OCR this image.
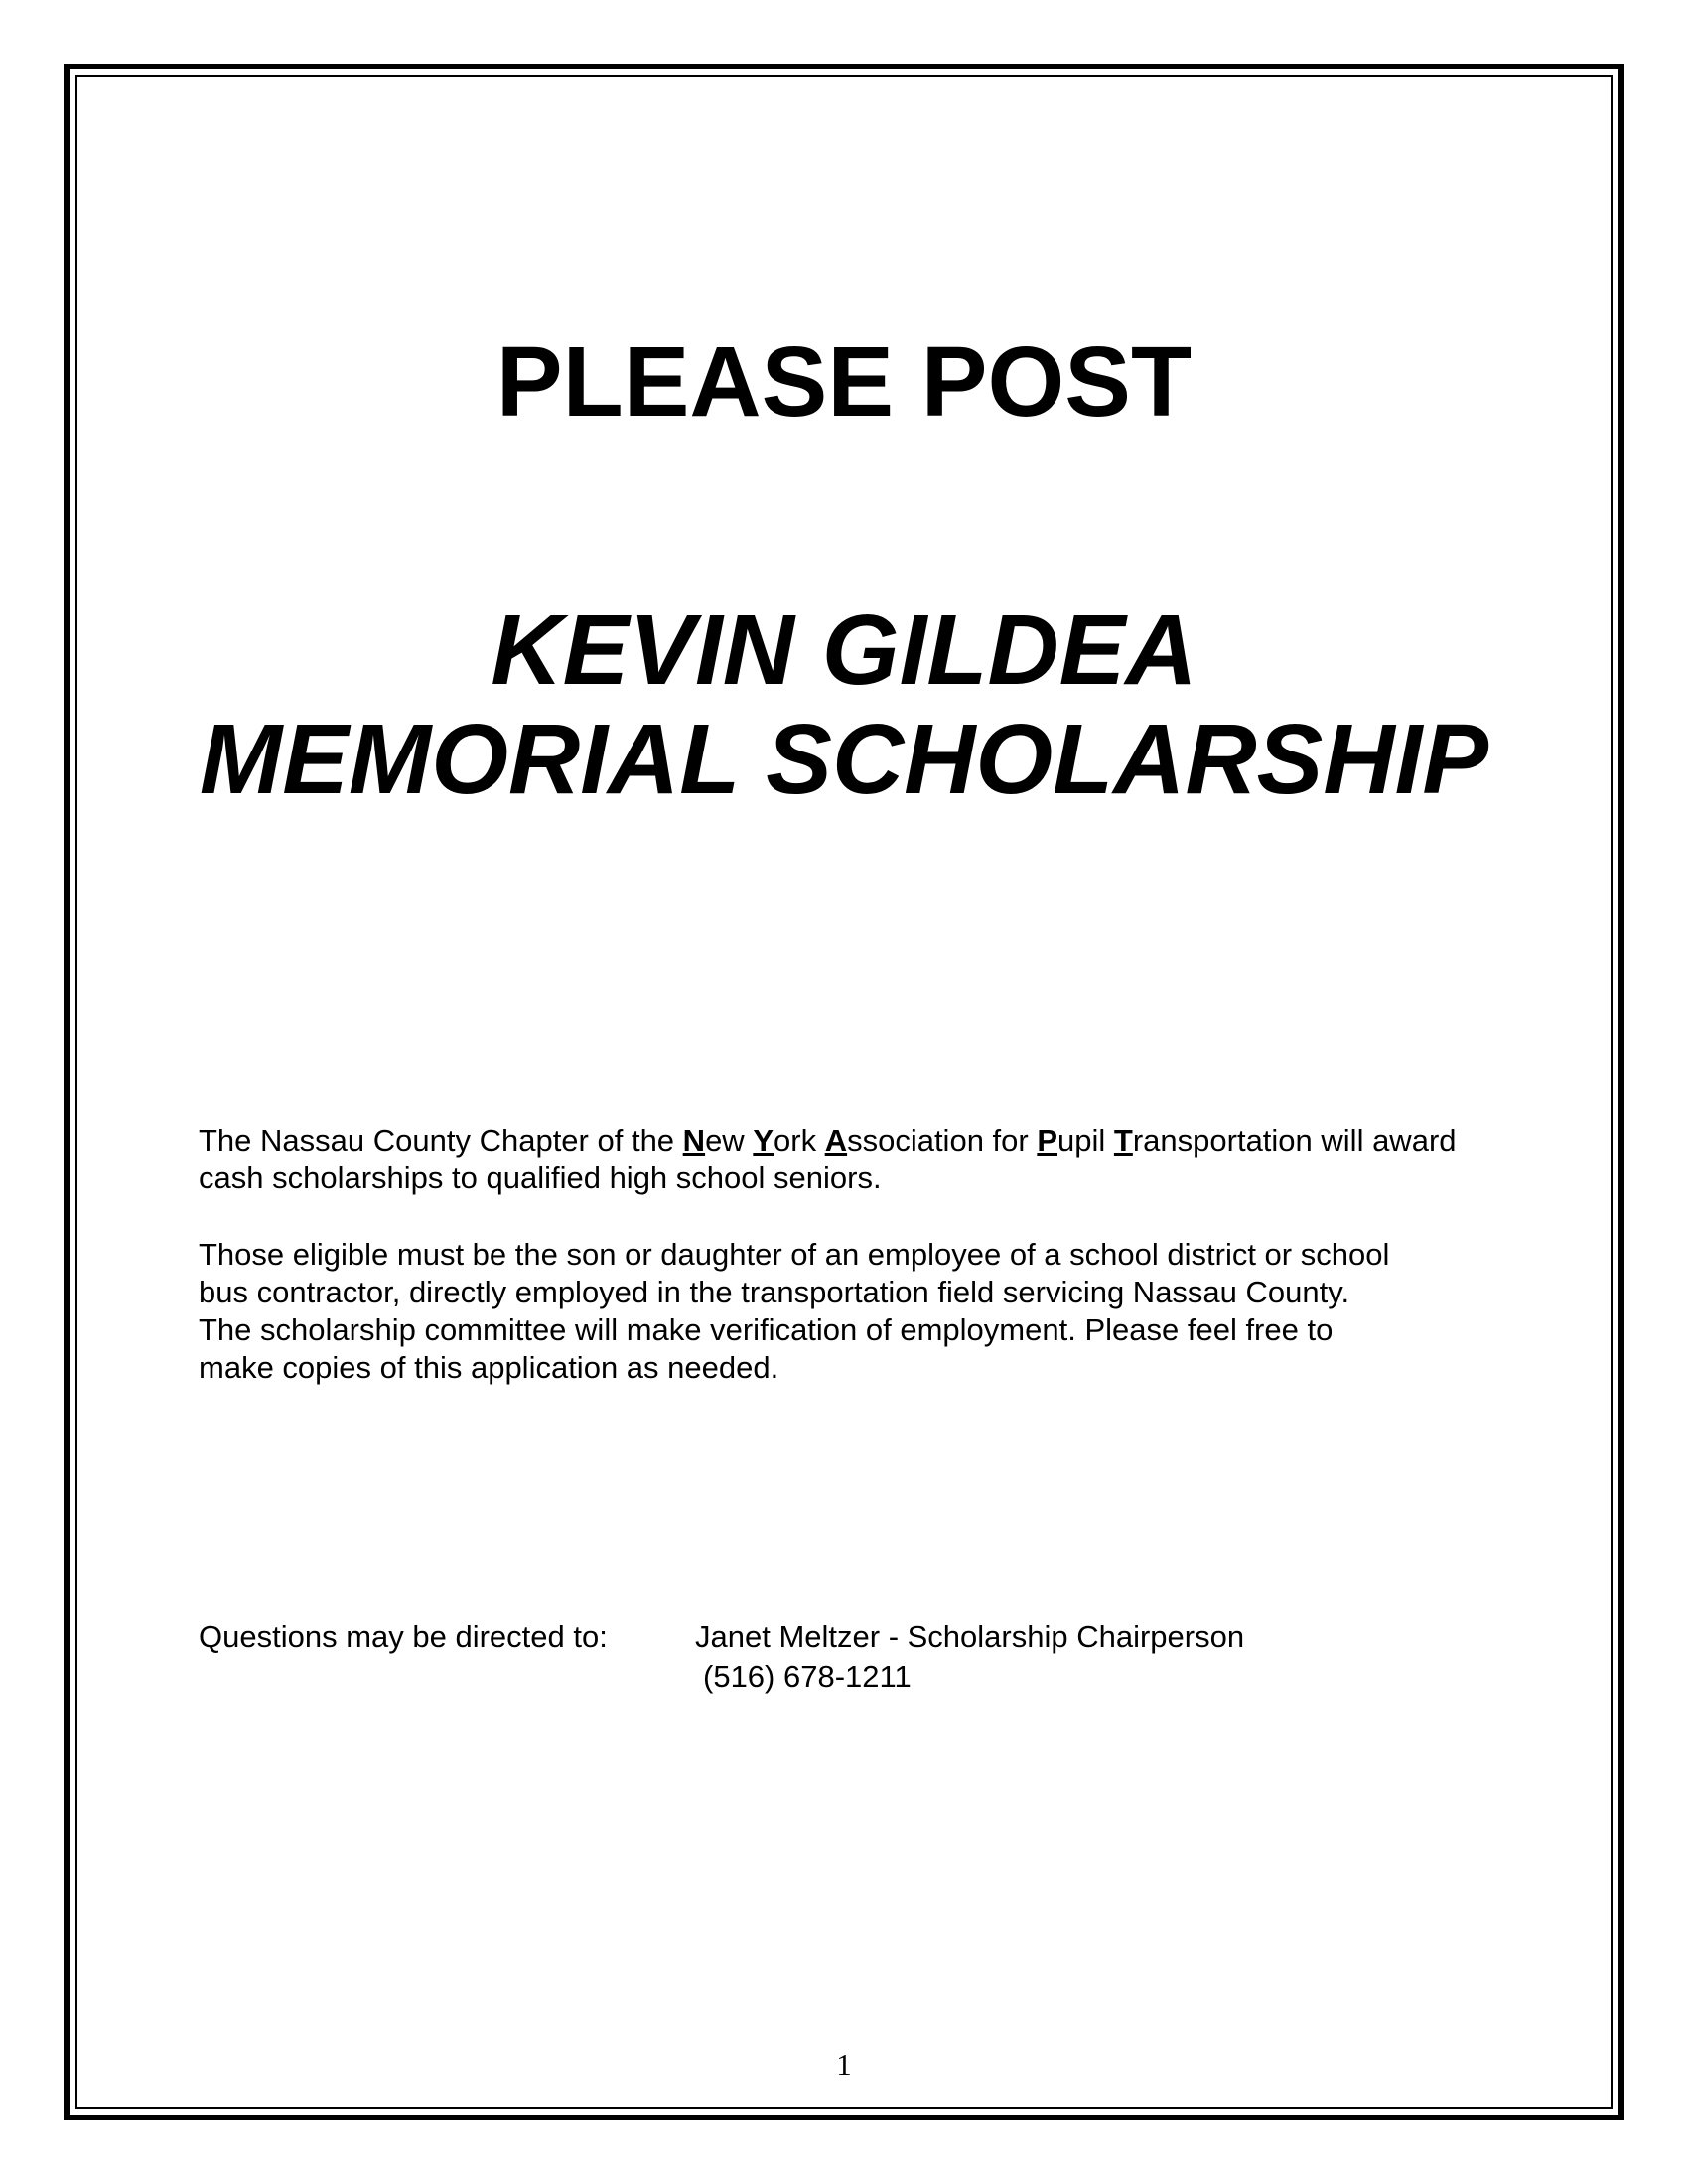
PLEASE POST
KEVIN GILDEA
MEMORIAL SCHOLARSHIP

The Nassau County Chapter of the New York Association for Pupil Transportation will award cash scholarships to qualified high school seniors.

Those eligible must be the son or daughter of an employee of a school district or school
bus contractor, directly employed in the transportation field servicing Nassau County.
The scholarship committee will make verification of employment. Please feel free to
make copies of this application as needed.

Questions may be directed to:	Janet Meltzer - Scholarship Chairperson
(516) 678-1211
1
